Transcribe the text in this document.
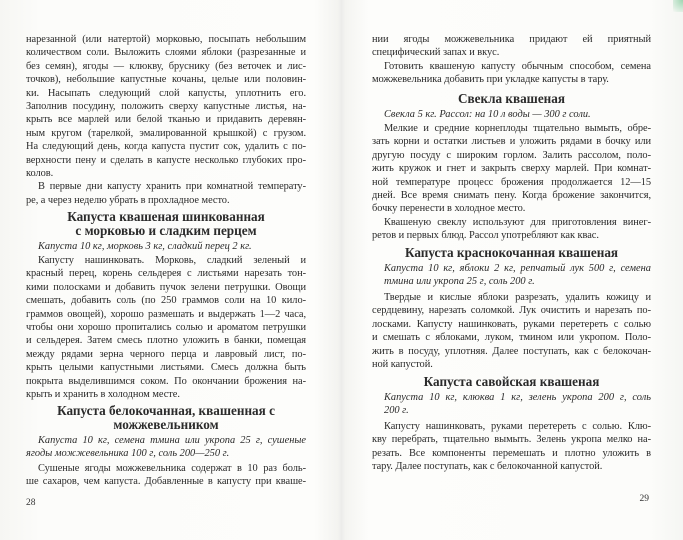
нарезанной (или натертой) морковью, посыпать небольшим
количеством соли. Выложить слоями яблоки (разрезанные и
без семян), ягоды — клюкву, бруснику (без веточек и лис-
точков), небольшие капустные кочаны, целые или половин-
ки. Насыпать следующий слой капусты, уплотнить его.
Заполнив посудину, положить сверху капустные листья, на-
крыть все марлей или белой тканью и придавить деревян-
ным кругом (тарелкой, эмалированной крышкой) с грузом.
На следующий день, когда капуста пустит сок, удалить с по-
верхности пену и сделать в капусте несколько глубоких про-
колов.
В первые дни капусту хранить при комнатной температу-
ре, а через неделю убрать в прохладное место.
Капуста квашеная шинкованная
с морковью и сладким перцем
Капуста 10 кг, морковь 3 кг, сладкий перец 2 кг.
Капусту нашинковать. Морковь, сладкий зеленый и
красный перец, корень сельдерея с листьями нарезать тон-
кими полосками и добавить пучок зелени петрушки. Овощи
смешать, добавить соль (по 250 граммов соли на 10 кило-
граммов овощей), хорошо размешать и выдержать 1—2 часа,
чтобы они хорошо пропитались солью и ароматом петрушки
и сельдерея. Затем смесь плотно уложить в банки, помещая
между рядами зерна черного перца и лавровый лист, по-
крыть целыми капустными листьями. Смесь должна быть
покрыта выделившимся соком. По окончании брожения на-
крыть и хранить в холодном месте.
Капуста белокочанная, квашенная с
можжевельником
Капуста 10 кг, семена тмина или укропа 25 г, сушеные
ягоды можжевельника 100 г, соль 200—250 г.
Сушеные ягоды можжевельника содержат в 10 раз боль-
ше сахаров, чем капуста. Добавленные в капусту при кваше-
28
нии ягоды можжевельника придают ей приятный
специфический запах и вкус.
Готовить квашеную капусту обычным способом, семена
можжевельника добавить при укладке капусты в тару.
Свекла квашеная
Свекла 5 кг. Рассол: на 10 л воды — 300 г соли.
Мелкие и средние корнеплоды тщательно вымыть, обре-
зать корни и остатки листьев и уложить рядами в бочку или
другую посуду с широким горлом. Залить рассолом, поло-
жить кружок и гнет и закрыть сверху марлей. При комнат-
ной температуре процесс брожения продолжается 12—15
дней. Все время снимать пену. Когда брожение закончится,
бочку перенести в холодное место.
Квашеную свеклу используют для приготовления винег-
ретов и первых блюд. Рассол употребляют как квас.
Капуста краснокочанная квашеная
Капуста 10 кг, яблоки 2 кг, репчатый лук 500 г, семена
тмина или укропа 25 г, соль 200 г.
Твердые и кислые яблоки разрезать, удалить кожицу и
сердцевину, нарезать соломкой. Лук очистить и нарезать по-
лосками. Капусту нашинковать, руками перетереть с солью
и смешать с яблоками, луком, тмином или укропом. Поло-
жить в посуду, уплотняя. Далее поступать, как с белокочан-
ной капустой.
Капуста савойская квашеная
Капуста 10 кг, клюква 1 кг, зелень укропа 200 г, соль
200 г.
Капусту нашинковать, руками перетереть с солью. Клю-
кву перебрать, тщательно вымыть. Зелень укропа мелко на-
резать. Все компоненты перемешать и плотно уложить в
тару. Далее поступать, как с белокочанной капустой.
29
